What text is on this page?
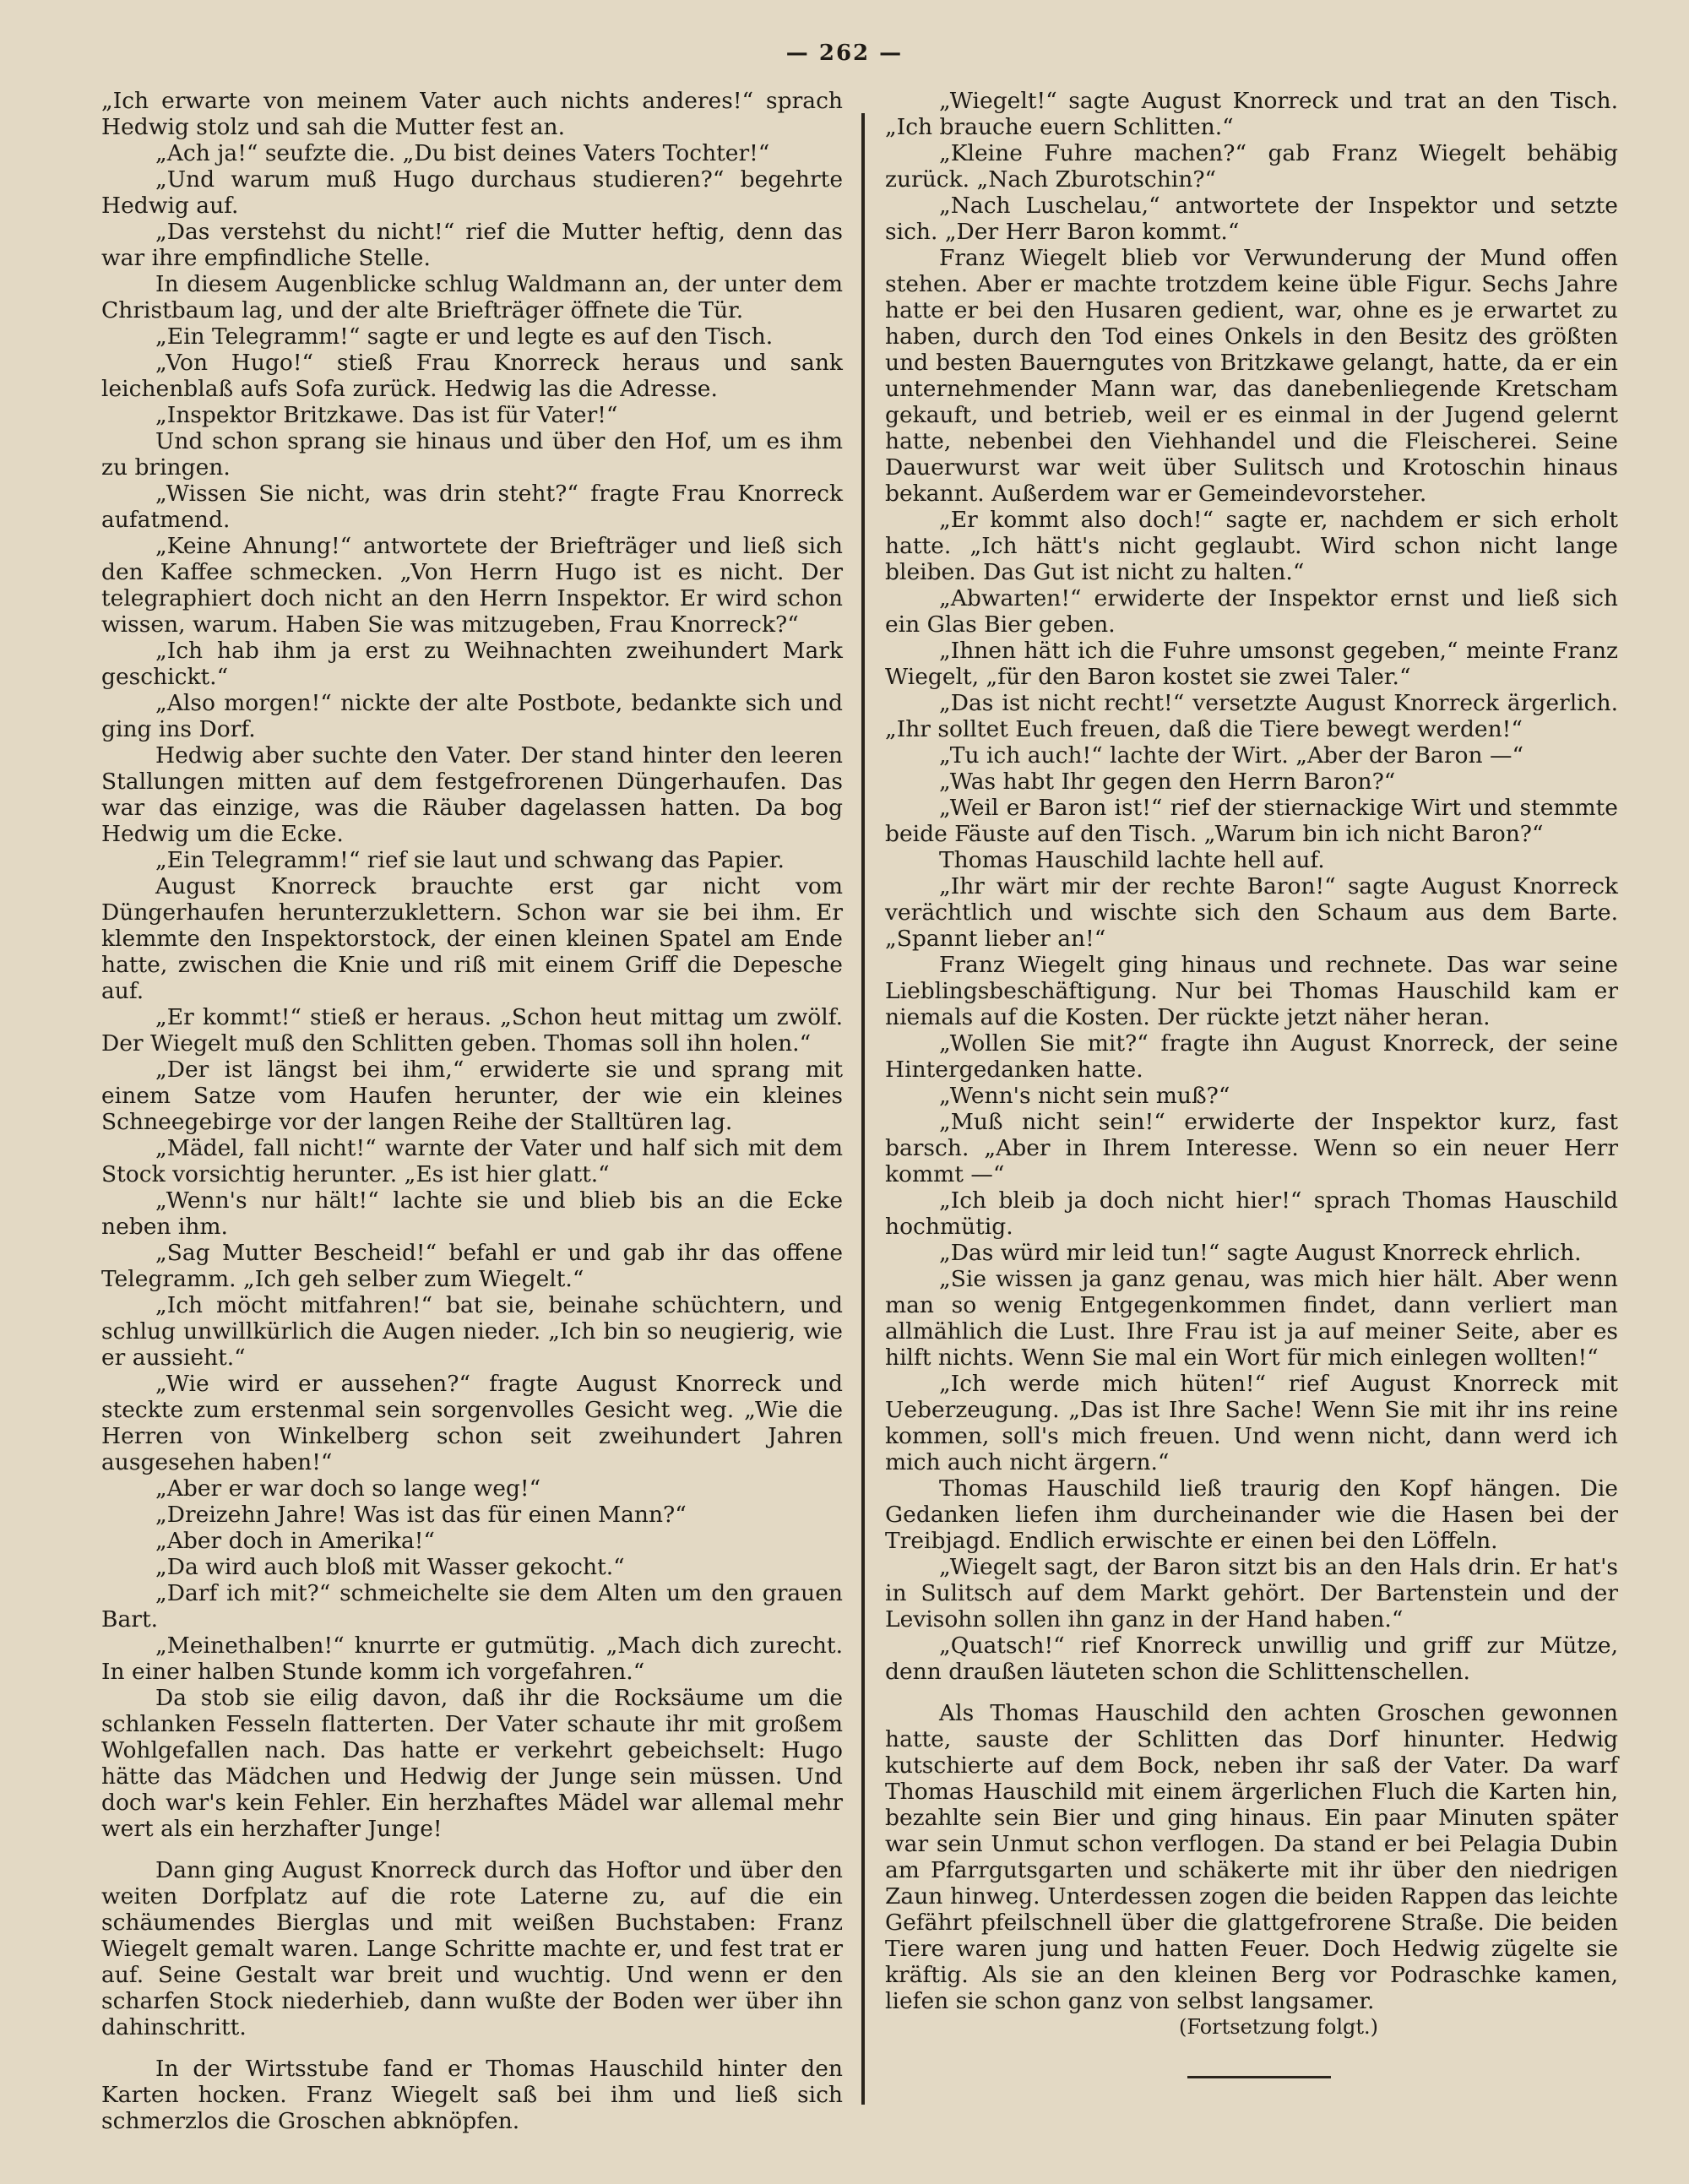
— 262 —

„Ich erwarte von meinem Vater auch nichts anderes!“ sprach Hedwig stolz und sah die Mutter fest an.

„Ach ja!“ seufzte die. „Du bist deines Vaters Tochter!“

„Und warum muß Hugo durchaus studieren?“ begehrte Hedwig auf.

„Das verstehst du nicht!“ rief die Mutter heftig, denn das war ihre empfindliche Stelle.

In diesem Augenblicke schlug Waldmann an, der unter dem Christbaum lag, und der alte Briefträger öffnete die Tür.

„Ein Telegramm!“ sagte er und legte es auf den Tisch.

„Von Hugo!“ stieß Frau Knorreck heraus und sank leichenblaß aufs Sofa zurück. Hedwig las die Adresse.

„Inspektor Britzkawe. Das ist für Vater!“

Und schon sprang sie hinaus und über den Hof, um es ihm zu bringen.

„Wissen Sie nicht, was drin steht?“ fragte Frau Knorreck aufatmend.

„Keine Ahnung!“ antwortete der Briefträger und ließ sich den Kaffee schmecken. „Von Herrn Hugo ist es nicht. Der telegraphiert doch nicht an den Herrn Inspektor. Er wird schon wissen, warum. Haben Sie was mitzugeben, Frau Knorreck?“

„Ich hab ihm ja erst zu Weihnachten zweihundert Mark geschickt.“

„Also morgen!“ nickte der alte Postbote, bedankte sich und ging ins Dorf.

Hedwig aber suchte den Vater. Der stand hinter den leeren Stallungen mitten auf dem festgefrorenen Düngerhaufen. Das war das einzige, was die Räuber dagelassen hatten. Da bog Hedwig um die Ecke.

„Ein Telegramm!“ rief sie laut und schwang das Papier.

August Knorreck brauchte erst gar nicht vom Düngerhaufen herunterzuklettern. Schon war sie bei ihm. Er klemmte den Inspektorstock, der einen kleinen Spatel am Ende hatte, zwischen die Knie und riß mit einem Griff die Depesche auf.

„Er kommt!“ stieß er heraus. „Schon heut mittag um zwölf. Der Wiegelt muß den Schlitten geben. Thomas soll ihn holen.“

„Der ist längst bei ihm,“ erwiderte sie und sprang mit einem Satze vom Haufen herunter, der wie ein kleines Schneegebirge vor der langen Reihe der Stalltüren lag.

„Mädel, fall nicht!“ warnte der Vater und half sich mit dem Stock vorsichtig herunter. „Es ist hier glatt.“

„Wenn's nur hält!“ lachte sie und blieb bis an die Ecke neben ihm.

„Sag Mutter Bescheid!“ befahl er und gab ihr das offene Telegramm. „Ich geh selber zum Wiegelt.“

„Ich möcht mitfahren!“ bat sie, beinahe schüchtern, und schlug unwillkürlich die Augen nieder. „Ich bin so neugierig, wie er aussieht.“

„Wie wird er aussehen?“ fragte August Knorreck und steckte zum erstenmal sein sorgenvolles Gesicht weg. „Wie die Herren von Winkelberg schon seit zweihundert Jahren ausgesehen haben!“

„Aber er war doch so lange weg!“

„Dreizehn Jahre! Was ist das für einen Mann?“

„Aber doch in Amerika!“

„Da wird auch bloß mit Wasser gekocht.“

„Darf ich mit?“ schmeichelte sie dem Alten um den grauen Bart.

„Meinethalben!“ knurrte er gutmütig. „Mach dich zurecht. In einer halben Stunde komm ich vorgefahren.“

Da stob sie eilig davon, daß ihr die Rocksäume um die schlanken Fesseln flatterten. Der Vater schaute ihr mit großem Wohlgefallen nach. Das hatte er verkehrt gebeichselt: Hugo hätte das Mädchen und Hedwig der Junge sein müssen. Und doch war's kein Fehler. Ein herzhaftes Mädel war allemal mehr wert als ein herzhafter Junge!

Dann ging August Knorreck durch das Hoftor und über den weiten Dorfplatz auf die rote Laterne zu, auf die ein schäumendes Bierglas und mit weißen Buchstaben: Franz Wiegelt gemalt waren. Lange Schritte machte er, und fest trat er auf. Seine Gestalt war breit und wuchtig. Und wenn er den scharfen Stock niederhieb, dann wußte der Boden wer über ihn dahinschritt.

In der Wirtsstube fand er Thomas Hauschild hinter den Karten hocken. Franz Wiegelt saß bei ihm und ließ sich schmerzlos die Groschen abknöpfen.

„Wiegelt!“ sagte August Knorreck und trat an den Tisch. „Ich brauche euern Schlitten.“

„Kleine Fuhre machen?“ gab Franz Wiegelt behäbig zurück. „Nach Zburotschin?“

„Nach Luschelau,“ antwortete der Inspektor und setzte sich. „Der Herr Baron kommt.“

Franz Wiegelt blieb vor Verwunderung der Mund offen stehen. Aber er machte trotzdem keine üble Figur. Sechs Jahre hatte er bei den Husaren gedient, war, ohne es je erwartet zu haben, durch den Tod eines Onkels in den Besitz des größten und besten Bauerngutes von Britzkawe gelangt, hatte, da er ein unternehmender Mann war, das danebenliegende Kretscham gekauft, und betrieb, weil er es einmal in der Jugend gelernt hatte, nebenbei den Viehhandel und die Fleischerei. Seine Dauerwurst war weit über Sulitsch und Krotoschin hinaus bekannt. Außerdem war er Gemeindevorsteher.

„Er kommt also doch!“ sagte er, nachdem er sich erholt hatte. „Ich hätt's nicht geglaubt. Wird schon nicht lange bleiben. Das Gut ist nicht zu halten.“

„Abwarten!“ erwiderte der Inspektor ernst und ließ sich ein Glas Bier geben.

„Ihnen hätt ich die Fuhre umsonst gegeben,“ meinte Franz Wiegelt, „für den Baron kostet sie zwei Taler.“

„Das ist nicht recht!“ versetzte August Knorreck ärgerlich. „Ihr solltet Euch freuen, daß die Tiere bewegt werden!“

„Tu ich auch!“ lachte der Wirt. „Aber der Baron —“

„Was habt Ihr gegen den Herrn Baron?“

„Weil er Baron ist!“ rief der stiernackige Wirt und stemmte beide Fäuste auf den Tisch. „Warum bin ich nicht Baron?“

Thomas Hauschild lachte hell auf.

„Ihr wärt mir der rechte Baron!“ sagte August Knorreck verächtlich und wischte sich den Schaum aus dem Barte. „Spannt lieber an!“

Franz Wiegelt ging hinaus und rechnete. Das war seine Lieblingsbeschäftigung. Nur bei Thomas Hauschild kam er niemals auf die Kosten. Der rückte jetzt näher heran.

„Wollen Sie mit?“ fragte ihn August Knorreck, der seine Hintergedanken hatte.

„Wenn's nicht sein muß?“

„Muß nicht sein!“ erwiderte der Inspektor kurz, fast barsch. „Aber in Ihrem Interesse. Wenn so ein neuer Herr kommt —“

„Ich bleib ja doch nicht hier!“ sprach Thomas Hauschild hochmütig.

„Das würd mir leid tun!“ sagte August Knorreck ehrlich.

„Sie wissen ja ganz genau, was mich hier hält. Aber wenn man so wenig Entgegenkommen findet, dann verliert man allmählich die Lust. Ihre Frau ist ja auf meiner Seite, aber es hilft nichts. Wenn Sie mal ein Wort für mich einlegen wollten!“

„Ich werde mich hüten!“ rief August Knorreck mit Ueberzeugung. „Das ist Ihre Sache! Wenn Sie mit ihr ins reine kommen, soll's mich freuen. Und wenn nicht, dann werd ich mich auch nicht ärgern.“

Thomas Hauschild ließ traurig den Kopf hängen. Die Gedanken liefen ihm durcheinander wie die Hasen bei der Treibjagd. Endlich erwischte er einen bei den Löffeln.

„Wiegelt sagt, der Baron sitzt bis an den Hals drin. Er hat's in Sulitsch auf dem Markt gehört. Der Bartenstein und der Levisohn sollen ihn ganz in der Hand haben.“

„Quatsch!“ rief Knorreck unwillig und griff zur Mütze, denn draußen läuteten schon die Schlittenschellen.

Als Thomas Hauschild den achten Groschen gewonnen hatte, sauste der Schlitten das Dorf hinunter. Hedwig kutschierte auf dem Bock, neben ihr saß der Vater. Da warf Thomas Hauschild mit einem ärgerlichen Fluch die Karten hin, bezahlte sein Bier und ging hinaus. Ein paar Minuten später war sein Unmut schon verflogen. Da stand er bei Pelagia Dubin am Pfarrgutsgarten und schäkerte mit ihr über den niedrigen Zaun hinweg. Unterdessen zogen die beiden Rappen das leichte Gefährt pfeilschnell über die glattgefrorene Straße. Die beiden Tiere waren jung und hatten Feuer. Doch Hedwig zügelte sie kräftig. Als sie an den kleinen Berg vor Podraschke kamen, liefen sie schon ganz von selbst langsamer.

(Fortsetzung folgt.)
